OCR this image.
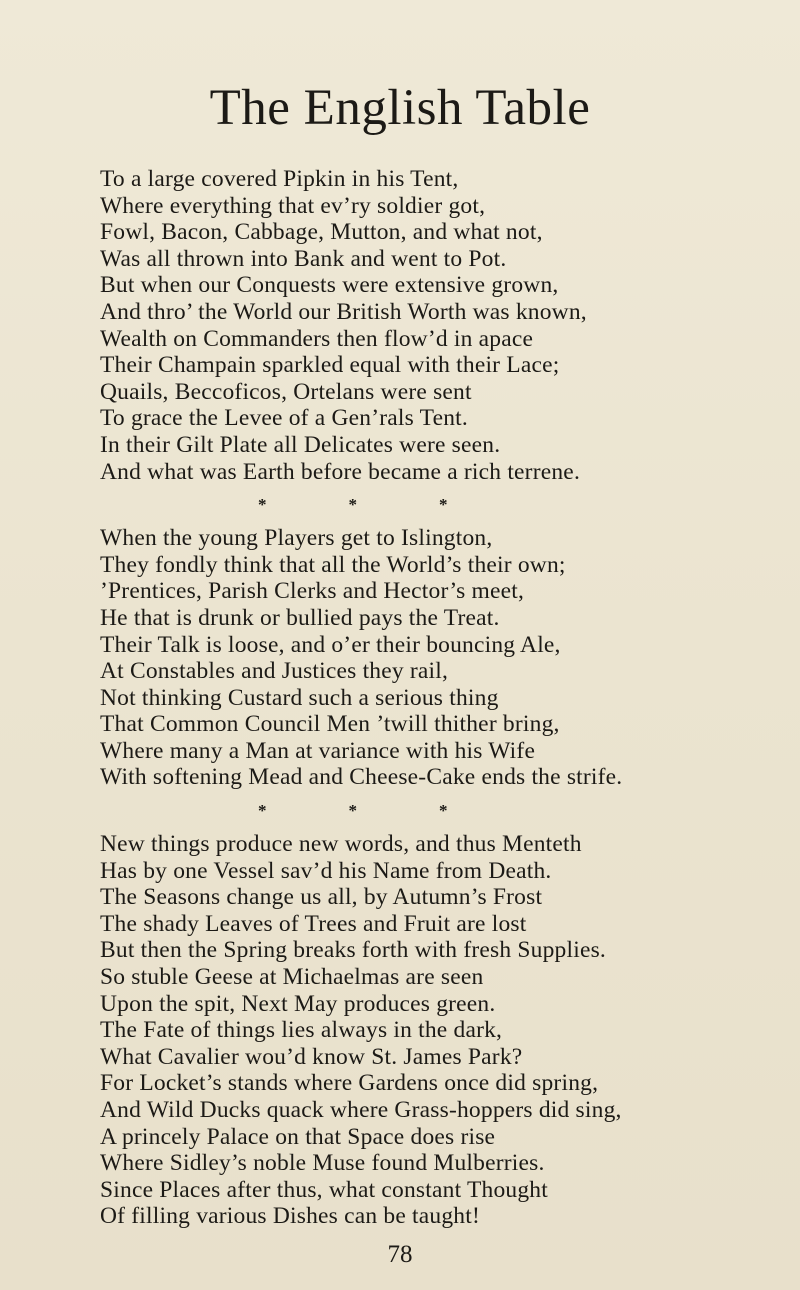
The English Table
To a large covered Pipkin in his Tent,
Where everything that ev’ry soldier got,
Fowl, Bacon, Cabbage, Mutton, and what not,
Was all thrown into Bank and went to Pot.
But when our Conquests were extensive grown,
And thro’ the World our British Worth was known,
Wealth on Commanders then flow’d in apace
Their Champain sparkled equal with their Lace;
Quails, Beccoficos, Ortelans were sent
To grace the Levee of a Gen’rals Tent.
In their Gilt Plate all Delicates were seen.
And what was Earth before became a rich terrene.
*	*	*
When the young Players get to Islington,
They fondly think that all the World’s their own;
’Prentices, Parish Clerks and Hector’s meet,
He that is drunk or bullied pays the Treat.
Their Talk is loose, and o’er their bouncing Ale,
At Constables and Justices they rail,
Not thinking Custard such a serious thing
That Common Council Men ’twill thither bring,
Where many a Man at variance with his Wife
With softening Mead and Cheese-Cake ends the strife.
*	*	*
New things produce new words, and thus Menteth
Has by one Vessel sav’d his Name from Death.
The Seasons change us all, by Autumn’s Frost
The shady Leaves of Trees and Fruit are lost
But then the Spring breaks forth with fresh Supplies.
So stuble Geese at Michaelmas are seen
Upon the spit, Next May produces green.
The Fate of things lies always in the dark,
What Cavalier wou’d know St. James Park?
For Locket’s stands where Gardens once did spring,
And Wild Ducks quack where Grass-hoppers did sing,
A princely Palace on that Space does rise
Where Sidley’s noble Muse found Mulberries.
Since Places after thus, what constant Thought
Of filling various Dishes can be taught!
78
